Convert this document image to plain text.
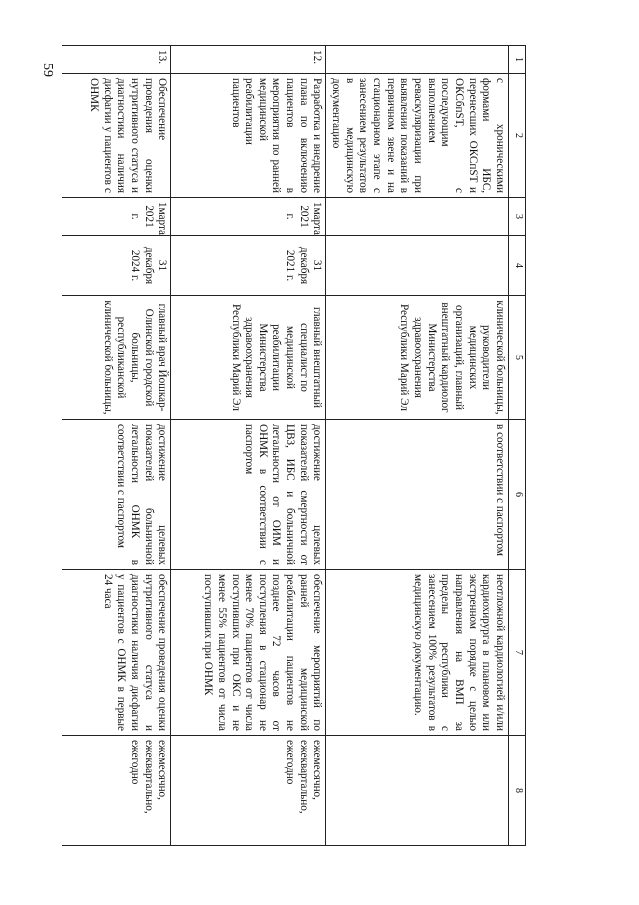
59
1	2	3	4	5	6	7	8
	с хроническими формами ИБС, перенесших ОКСпST и ОКСбпST, с последующим выполнением реваскуляризации при выявлении показаний в первичном звене и на стационарном этапе с занесением результатов в медицинскую документацию			клинической больницы, руководители медицинских организаций, главный внештатный кардиолог Министерства здравоохранения Республики Марий Эл	в соответствии с паспортом	неотложной кардиологией и/или кардиохирурга в плановом или экстренном порядке с целью направления на ВМП за пределы республики с занесением 100% результатов в медицинскую документацию.	
12.	Разработка и внедрение плана по включению пациентов в мероприятия по ранней медицинской реабилитации пациентов	1марта 2021 г.	31 декабря 2021 г.	главный внештатный специалист по медицинской реабилитации Министерства здравоохранения Республики Марий Эл	достижение целевых показателей смертности от ЦВЗ, ИБС и больничной летальности от ОИМ и ОНМК в соответствии с паспортом	обеспечение мероприятий по ранней медицинской реабилитации пациентов не позднее 72 часов от поступления в стационар не менее 70% пациентов от числа поступивших при ОКС и не менее 55% пациентов от числа поступивших при ОНМК	ежемесячно, ежеквартально, ежегодно
13.	Обеспечение проведения оценки нутритивного статуса и диагностики наличия дисфагии у пациентов с ОНМК	1марта 2021 г.	31 декабря 2024 г.	главный врач Йошкар-Олинской городской больницы, республиканской клинической больницы,	достижение целевых показателей больничной летальности ОНМК в соответствии с паспортом	обеспечение проведения оценки нутритивного статуса и диагностики наличия дисфагии у пациентов с ОНМК в первые 24 часа	ежемесячно, ежеквартально, ежегодно
